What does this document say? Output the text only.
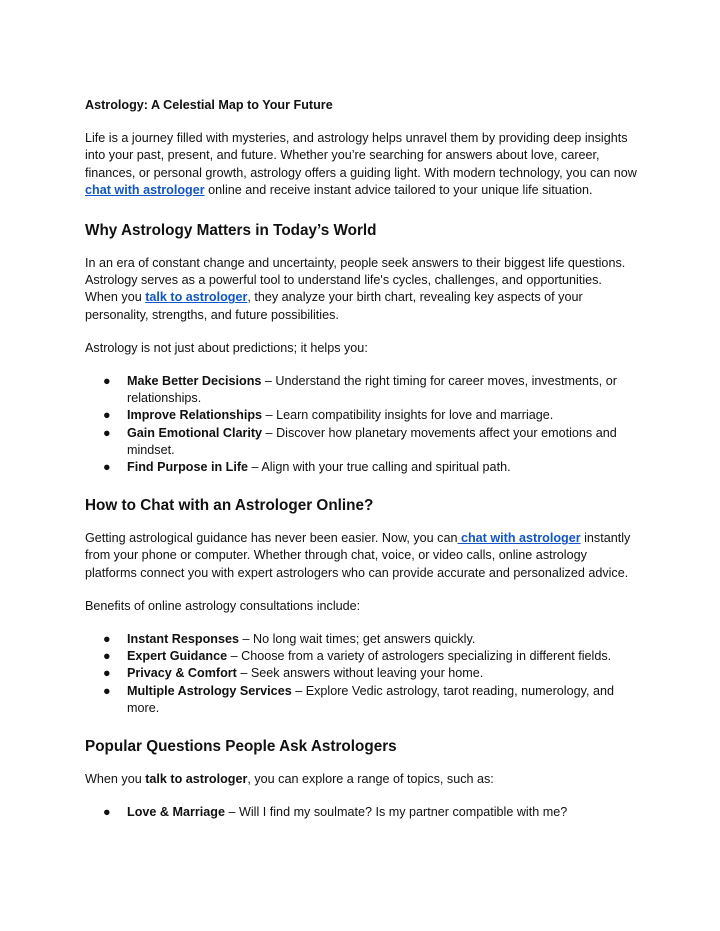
Astrology: A Celestial Map to Your Future

Life is a journey filled with mysteries, and astrology helps unravel them by providing deep insights into your past, present, and future. Whether you’re searching for answers about love, career, finances, or personal growth, astrology offers a guiding light. With modern technology, you can now chat with astrologer online and receive instant advice tailored to your unique life situation.

Why Astrology Matters in Today’s World

In an era of constant change and uncertainty, people seek answers to their biggest life questions. Astrology serves as a powerful tool to understand life's cycles, challenges, and opportunities. When you talk to astrologer, they analyze your birth chart, revealing key aspects of your personality, strengths, and future possibilities.

Astrology is not just about predictions; it helps you:

● Make Better Decisions – Understand the right timing for career moves, investments, or relationships.
● Improve Relationships – Learn compatibility insights for love and marriage.
● Gain Emotional Clarity – Discover how planetary movements affect your emotions and mindset.
● Find Purpose in Life – Align with your true calling and spiritual path.
How to Chat with an Astrologer Online?

Getting astrological guidance has never been easier. Now, you can chat with astrologer instantly from your phone or computer. Whether through chat, voice, or video calls, online astrology platforms connect you with expert astrologers who can provide accurate and personalized advice.

Benefits of online astrology consultations include:

● Instant Responses – No long wait times; get answers quickly.
● Expert Guidance – Choose from a variety of astrologers specializing in different fields.
● Privacy & Comfort – Seek answers without leaving your home.
● Multiple Astrology Services – Explore Vedic astrology, tarot reading, numerology, and more.
Popular Questions People Ask Astrologers

When you talk to astrologer, you can explore a range of topics, such as:

● Love & Marriage – Will I find my soulmate? Is my partner compatible with me?
